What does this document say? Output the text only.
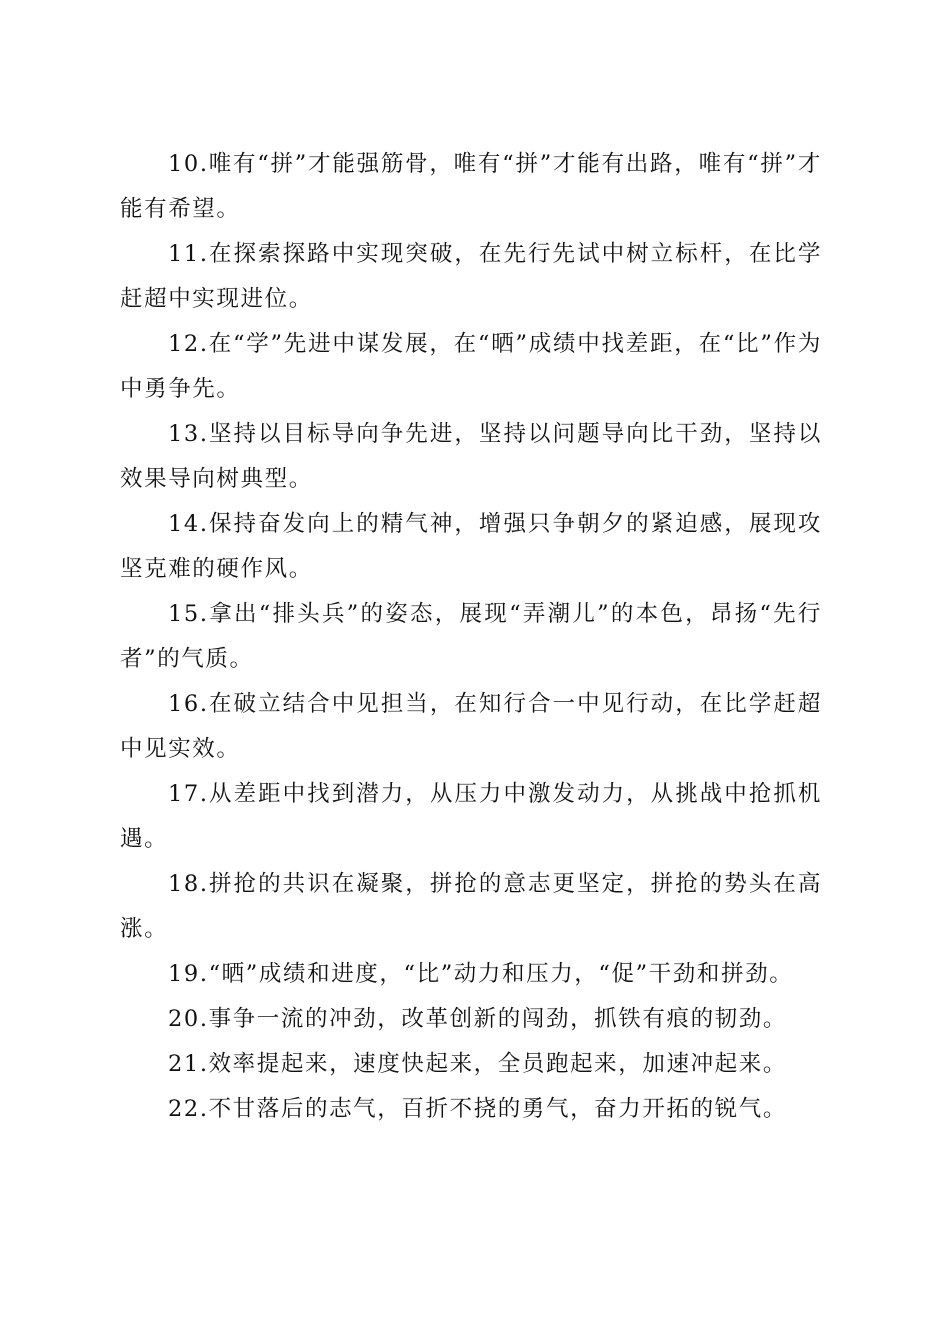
10.唯有“拼”才能强筋骨，唯有“拼”才能有出路，唯有“拼”才能有希望。

11.在探索探路中实现突破，在先行先试中树立标杆，在比学赶超中实现进位。

12.在“学”先进中谋发展，在“晒”成绩中找差距，在“比”作为中勇争先。

13.坚持以目标导向争先进，坚持以问题导向比干劲，坚持以效果导向树典型。

14.保持奋发向上的精气神，增强只争朝夕的紧迫感，展现攻坚克难的硬作风。

15.拿出“排头兵”的姿态，展现“弄潮儿”的本色，昂扬“先行者”的气质。

16.在破立结合中见担当，在知行合一中见行动，在比学赶超中见实效。

17.从差距中找到潜力，从压力中激发动力，从挑战中抢抓机遇。

18.拼抢的共识在凝聚，拼抢的意志更坚定，拼抢的势头在高涨。

19.“晒”成绩和进度，“比”动力和压力，“促”干劲和拼劲。

20.事争一流的冲劲，改革创新的闯劲，抓铁有痕的韧劲。

21.效率提起来，速度快起来，全员跑起来，加速冲起来。

22.不甘落后的志气，百折不挠的勇气，奋力开拓的锐气。
